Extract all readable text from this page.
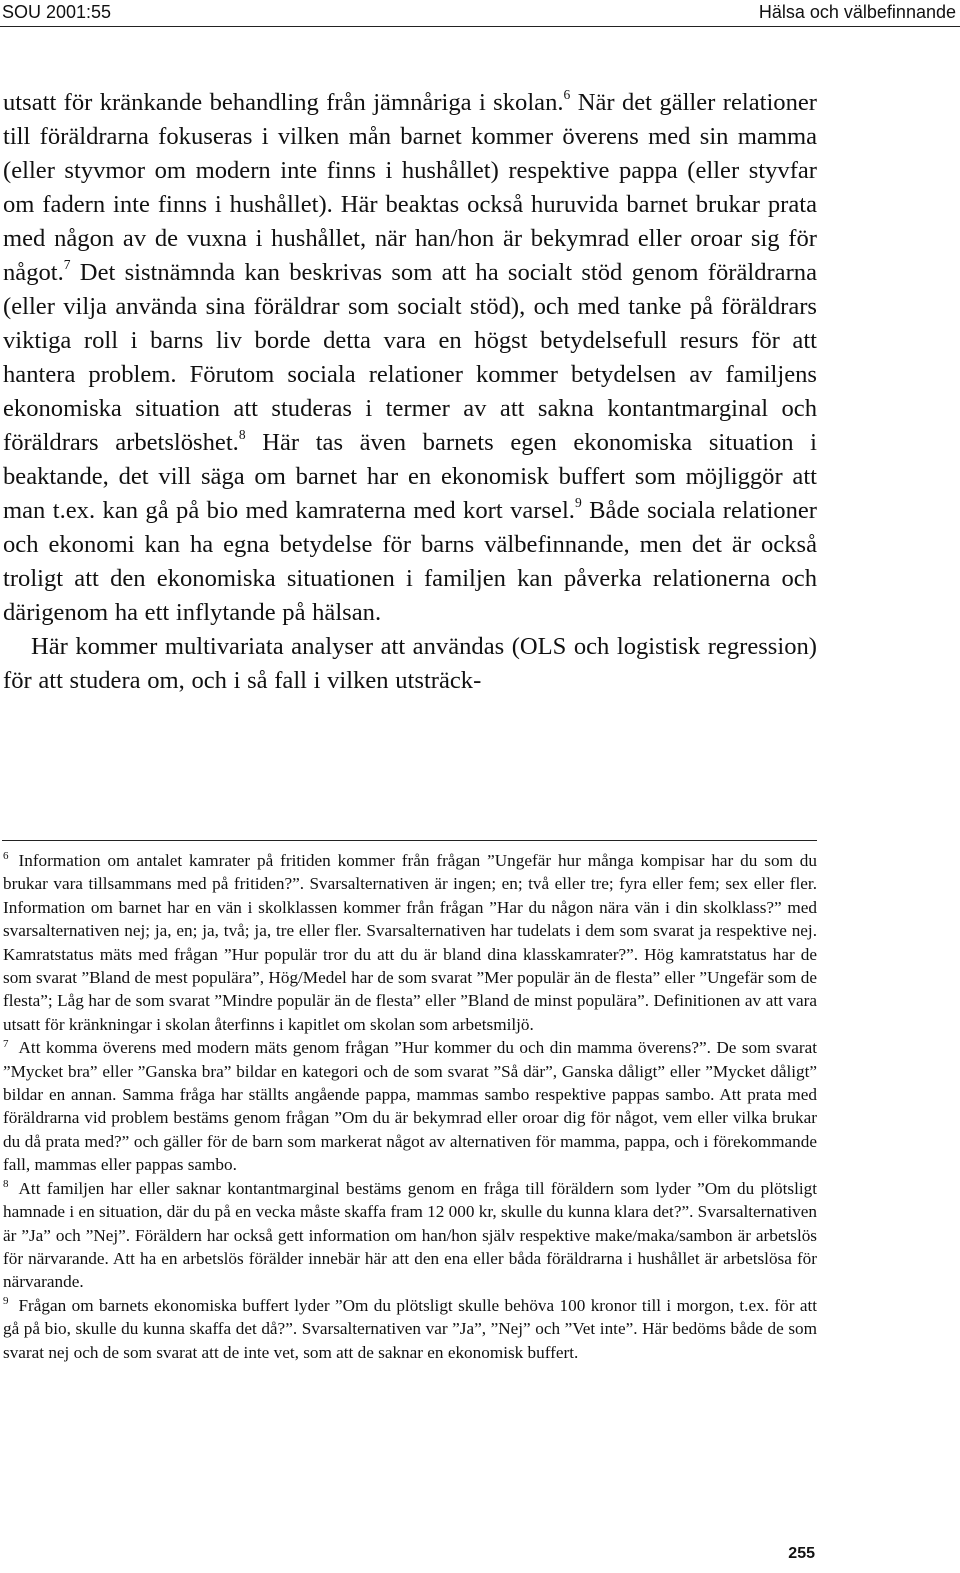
SOU 2001:55	Hälsa och välbefinnande

utsatt för kränkande behandling från jämnåriga i skolan.$^6$ När det gäller relationer till föräldrarna fokuseras i vilken mån barnet kommer överens med sin mamma (eller styvmor om modern inte finns i hushållet) respektive pappa (eller styvfar om fadern inte finns i hushållet). Här beaktas också huruvida barnet brukar prata med någon av de vuxna i hushållet, när han/hon är bekymrad eller oroar sig för något.$^7$ Det sistnämnda kan beskrivas som att ha socialt stöd genom föräldrarna (eller vilja använda sina föräldrar som socialt stöd), och med tanke på föräldrars viktiga roll i barns liv borde detta vara en högst betydelsefull resurs för att hantera problem. Förutom sociala relationer kommer betydelsen av familjens ekonomiska situation att studeras i termer av att sakna kontantmarginal och föräldrars arbetslöshet.$^8$ Här tas även barnets egen ekonomiska situation i beaktande, det vill säga om barnet har en ekonomisk buffert som möjliggör att man t.ex. kan gå på bio med kamraterna med kort varsel.$^9$ Både sociala relationer och ekonomi kan ha egna betydelse för barns välbefinnande, men det är också troligt att den ekonomiska situationen i familjen kan påverka relationerna och därigenom ha ett inflytande på hälsan.

Här kommer multivariata analyser att användas (OLS och logistisk regression) för att studera om, och i så fall i vilken utsträck-

$^6$ Information om antalet kamrater på fritiden kommer från frågan ”Ungefär hur många kompisar har du som du brukar vara tillsammans med på fritiden?”. Svarsalternativen är ingen; en; två eller tre; fyra eller fem; sex eller fler. Information om barnet har en vän i skolklassen kommer från frågan ”Har du någon nära vän i din skolklass?” med svarsalternativen nej; ja, en; ja, två; ja, tre eller fler. Svarsalternativen har tudelats i dem som svarat ja respektive nej. Kamratstatus mäts med frågan ”Hur populär tror du att du är bland dina klasskamrater?”. Hög kamratstatus har de som svarat ”Bland de mest populära”, Hög/Medel har de som svarat ”Mer populär än de flesta” eller ”Ungefär som de flesta”; Låg har de som svarat ”Mindre populär än de flesta” eller ”Bland de minst populära”. Definitionen av att vara utsatt för kränkningar i skolan återfinns i kapitlet om skolan som arbetsmiljö.

$^7$ Att komma överens med modern mäts genom frågan ”Hur kommer du och din mamma överens?”. De som svarat ”Mycket bra” eller ”Ganska bra” bildar en kategori och de som svarat ”Så där”, Ganska dåligt” eller ”Mycket dåligt” bildar en annan. Samma fråga har ställts angående pappa, mammas sambo respektive pappas sambo. Att prata med föräldrarna vid problem bestäms genom frågan ”Om du är bekymrad eller oroar dig för något, vem eller vilka brukar du då prata med?” och gäller för de barn som markerat något av alternativen för mamma, pappa, och i förekommande fall, mammas eller pappas sambo.

$^8$ Att familjen har eller saknar kontantmarginal bestäms genom en fråga till föräldern som lyder ”Om du plötsligt hamnade i en situation, där du på en vecka måste skaffa fram 12 000 kr, skulle du kunna klara det?”. Svarsalternativen är ”Ja” och ”Nej”. Föräldern har också gett information om han/hon själv respektive make/maka/sambon är arbetslös för närvarande. Att ha en arbetslös förälder innebär här att den ena eller båda föräldrarna i hushållet är arbetslösa för närvarande.

$^9$ Frågan om barnets ekonomiska buffert lyder ”Om du plötsligt skulle behöva 100 kronor till i morgon, t.ex. för att gå på bio, skulle du kunna skaffa det då?”. Svarsalternativen var ”Ja”, ”Nej” och ”Vet inte”. Här bedöms både de som svarat nej och de som svarat att de inte vet, som att de saknar en ekonomisk buffert.

255
